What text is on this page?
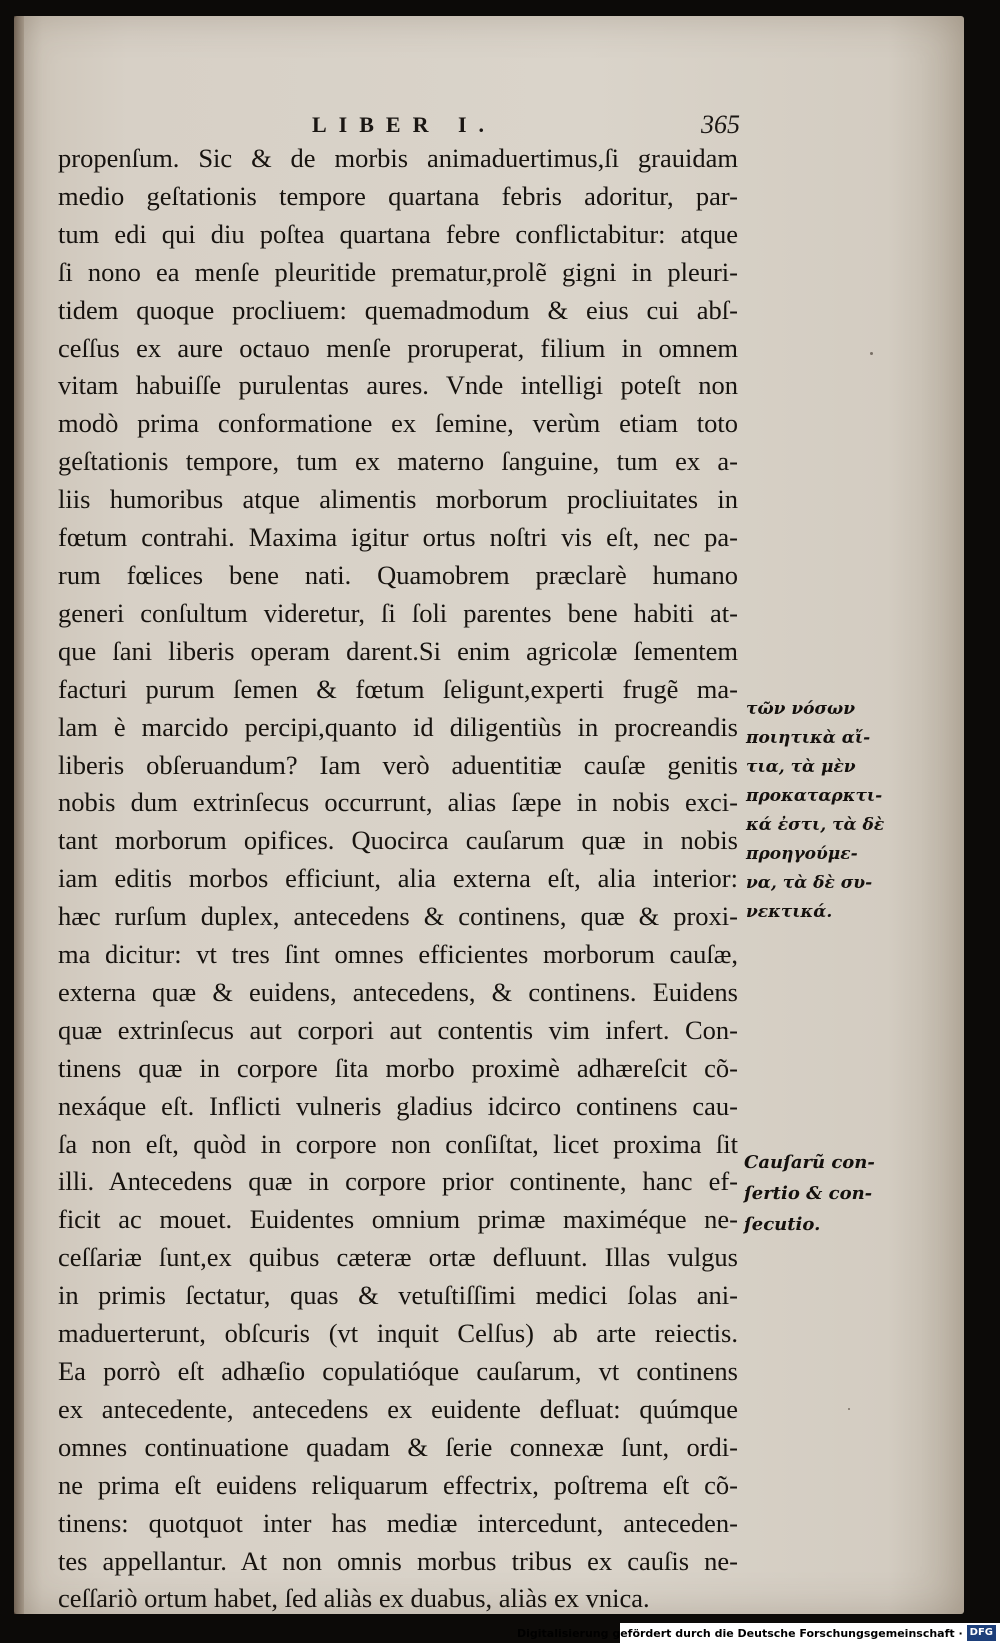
LIBER I.	365
propenſum. Sic & de morbis animaduertimus,ſi grauidam
medio geſtationis tempore quartana febris adoritur, par-
tum edi qui diu poſtea quartana febre conflictabitur: atque
ſi nono ea menſe pleuritide prematur,prolẽ gigni in pleuri-
tidem quoque procliuem: quemadmodum & eius cui abſ-
ceſſus ex aure octauo menſe proruperat, filium in omnem
vitam habuiſſe purulentas aures. Vnde intelligi poteſt non
modò prima conformatione ex ſemine, verùm etiam toto
geſtationis tempore, tum ex materno ſanguine, tum ex a-
liis humoribus atque alimentis morborum procliuitates in
fœtum contrahi. Maxima igitur ortus noſtri vis eſt, nec pa-
rum fœlices bene nati. Quamobrem præclarè humano
generi conſultum videretur, ſi ſoli parentes bene habiti at-
que ſani liberis operam darent.Si enim agricolæ ſementem
facturi purum ſemen & fœtum ſeligunt,experti frugẽ ma-
lam è marcido percipi,quanto id diligentiùs in procreandis
liberis obſeruandum? Iam verò aduentitiæ cauſæ genitis
nobis dum extrinſecus occurrunt, alias ſæpe in nobis exci-
tant morborum opifices. Quocirca cauſarum quæ in nobis
iam editis morbos efficiunt, alia externa eſt, alia interior:
hæc rurſum duplex, antecedens & continens, quæ & proxi-
ma dicitur: vt tres ſint omnes efficientes morborum cauſæ,
externa quæ & euidens, antecedens, & continens. Euidens
quæ extrinſecus aut corpori aut contentis vim infert. Con-
tinens quæ in corpore ſita morbo proximè adhæreſcit cõ-
nexáque eſt. Inflicti vulneris gladius idcirco continens cau-
ſa non eſt, quòd in corpore non conſiſtat, licet proxima ſit
illi. Antecedens quæ in corpore prior continente, hanc ef-
ficit ac mouet. Euidentes omnium primæ maximéque ne-
ceſſariæ ſunt,ex quibus cæteræ ortæ defluunt. Illas vulgus
in primis ſectatur, quas & vetuſtiſſimi medici ſolas ani-
maduerterunt, obſcuris (vt inquit Celſus) ab arte reiectis.
Ea porrò eſt adhæſio copulatióque cauſarum, vt continens
ex antecedente, antecedens ex euidente defluat: quúmque
omnes continuatione quadam & ſerie connexæ ſunt, ordi-
ne prima eſt euidens reliquarum effectrix, poſtrema eſt cõ-
tinens: quotquot inter has mediæ intercedunt, anteceden-
tes appellantur. At non omnis morbus tribus ex cauſis ne-
ceſſariò ortum habet, ſed aliàs ex duabus, aliàs ex vnica.
τῶν νόσων
ποιητικὰ αἴ-
τια, τὰ μὲν
προκαταρκτι-
κά ἐστι, τὰ δὲ
προηγούμε-
να, τὰ δὲ συ-
νεκτικά.
Cauſarũ con-
ſertio & con-
ſecutio.
Digitalisierung gefördert durch die Deutsche Forschungsgemeinschaft · DFG
